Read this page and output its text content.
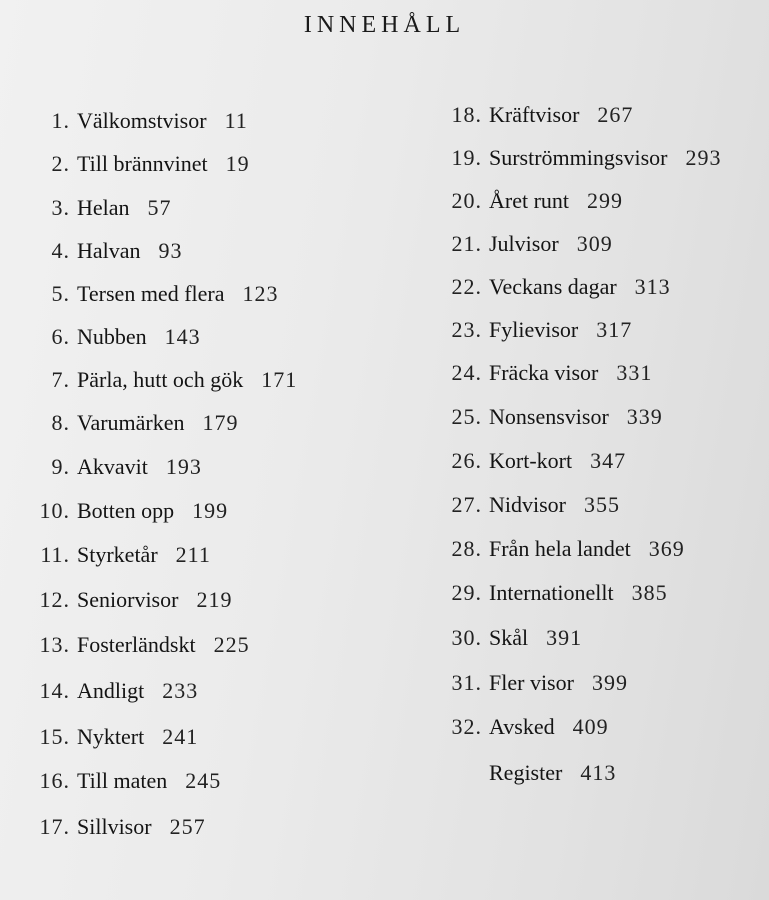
INNEHÅLL
1. Välkomstvisor 11
2. Till brännvinet 19
3. Helan 57
4. Halvan 93
5. Tersen med flera 123
6. Nubben 143
7. Pärla, hutt och gök 171
8. Varumärken 179
9. Akvavit 193
10. Botten opp 199
11. Styrketår 211
12. Seniorvisor 219
13. Fosterländskt 225
14. Andligt 233
15. Nyktert 241
16. Till maten 245
17. Sillvisor 257
18. Kräftvisor 267
19. Surströmmingsvisor 293
20. Året runt 299
21. Julvisor 309
22. Veckans dagar 313
23. Fylievisor 317
24. Fräcka visor 331
25. Nonsensvisor 339
26. Kort-kort 347
27. Nidvisor 355
28. Från hela landet 369
29. Internationellt 385
30. Skål 391
31. Fler visor 399
32. Avsked 409
Register 413
